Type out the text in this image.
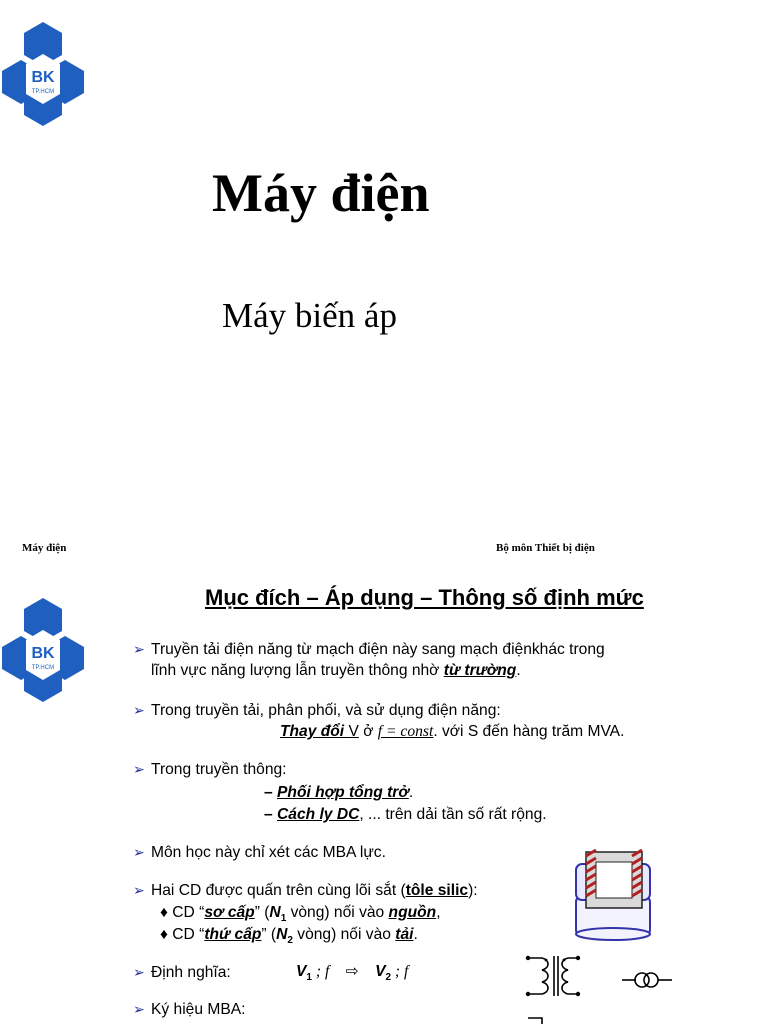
BK
TP.HCM
Máy điện
Máy biến áp
Máy điện	Bộ môn Thiết bị điện
BK
TP.HCM
Mục đích – Áp dụng – Thông số định mức
➢ Truyền tải điện năng từ mạch điện này sang mạch điệnkhác trong
lĩnh vực năng lượng lẫn truyền thông nhờ từ trường.
➢ Trong truyền tải, phân phối, và sử dụng điện năng:
Thay đổi V ở f = const. với S đến hàng trăm MVA.
➢ Trong truyền thông:
– Phối hợp tổng trở.
– Cách ly DC, ... trên dải tần số rất rộng.
➢ Môn học này chỉ xét các MBA lực.
➢ Hai CD được quấn trên cùng lõi sắt (tôle silic):
♦ CD “sơ cấp” ($N_1$ vòng) nối vào nguồn,
♦ CD “thứ cấp” ($N_2$ vòng) nối vào tải.
➢ Định nghĩa:	$V_1$ ; f ⇨ $V_2$ ; f
➢ Ký hiệu MBA:
